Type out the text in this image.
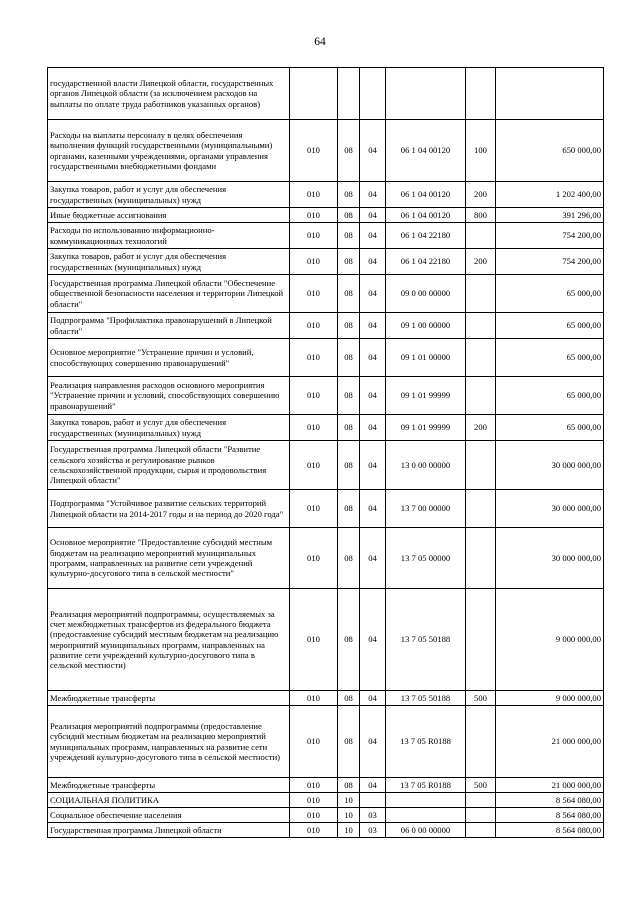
64
государственной власти Липецкой области, государственных органов Липецкой области (за исключением расходов на выплаты по оплате труда работников указанных органов)						
Расходы на выплаты персоналу в целях обеспечения выполнения функций государственными (муниципальными) органами, казенными учреждениями, органами управления государственными внебюджетными фондами	010	08	04	06 1 04 00120	100	650 000,00
Закупка товаров, работ и услуг для обеспечения государственных (муниципальных) нужд	010	08	04	06 1 04 00120	200	1 202 400,00
Иные бюджетные ассигнования	010	08	04	06 1 04 00120	800	391 296,00
Расходы по использованию информационно-коммуникационных технологий	010	08	04	06 1 04 22180		754 200,00
Закупка товаров, работ и услуг для обеспечения государственных (муниципальных) нужд	010	08	04	06 1 04 22180	200	754 200,00
Государственная программа Липецкой области "Обеспечение общественной безопасности населения и территории Липецкой области"	010	08	04	09 0 00 00000		65 000,00
Подпрограмма "Профилактика правонарушений в Липецкой области"	010	08	04	09 1 00 00000		65 000,00
Основное мероприятие "Устранение причин и условий, способствующих совершению правонарушений"	010	08	04	09 1 01 00000		65 000,00
Реализация направления расходов основного мероприятия "Устранение причин и условий, способствующих совершению правонарушений"	010	08	04	09 1 01 99999		65 000,00
Закупка товаров, работ и услуг для обеспечения государственных (муниципальных) нужд	010	08	04	09 1 01 99999	200	65 000,00
Государственная программа Липецкой области "Развитие сельского хозяйства и регулирование рынков сельскохозяйственной продукции, сырья и продовольствия Липецкой области"	010	08	04	13 0 00 00000		30 000 000,00
Подпрограмма "Устойчивое развитие сельских территорий Липецкой области на 2014-2017 годы и на период до 2020 года"	010	08	04	13 7 00 00000		30 000 000,00
Основное мероприятие "Предоставление субсидий местным бюджетам на реализацию мероприятий муниципальных программ, направленных на развитие сети учреждений культурно-досугового типа в сельской местности"	010	08	04	13 7 05 00000		30 000 000,00
Реализация мероприятий подпрограммы, осуществляемых за счет межбюджетных трансфертов из федерального бюджета (предоставление субсидий местным бюджетам на реализацию мероприятий муниципальных программ, направленных на развитие сети учреждений культурно-досугового типа в сельской местности)	010	08	04	13 7 05 50188		9 000 000,00
Межбюджетные трансферты	010	08	04	13 7 05 50188	500	9 000 000,00
Реализация мероприятий подпрограммы (предоставление субсидий местным бюджетам на реализацию мероприятий муниципальных программ, направленных на развитие сети учреждений культурно-досугового типа в сельской местности)	010	08	04	13 7 05 R0188		21 000 000,00
Межбюджетные трансферты	010	08	04	13 7 05 R0188	500	21 000 000,00
СОЦИАЛЬНАЯ ПОЛИТИКА	010	10				8 564 080,00
Социальное обеспечение населения	010	10	03			8 564 080,00
Государственная программа Липецкой области	010	10	03	06 0 00 00000		8 564 080,00
